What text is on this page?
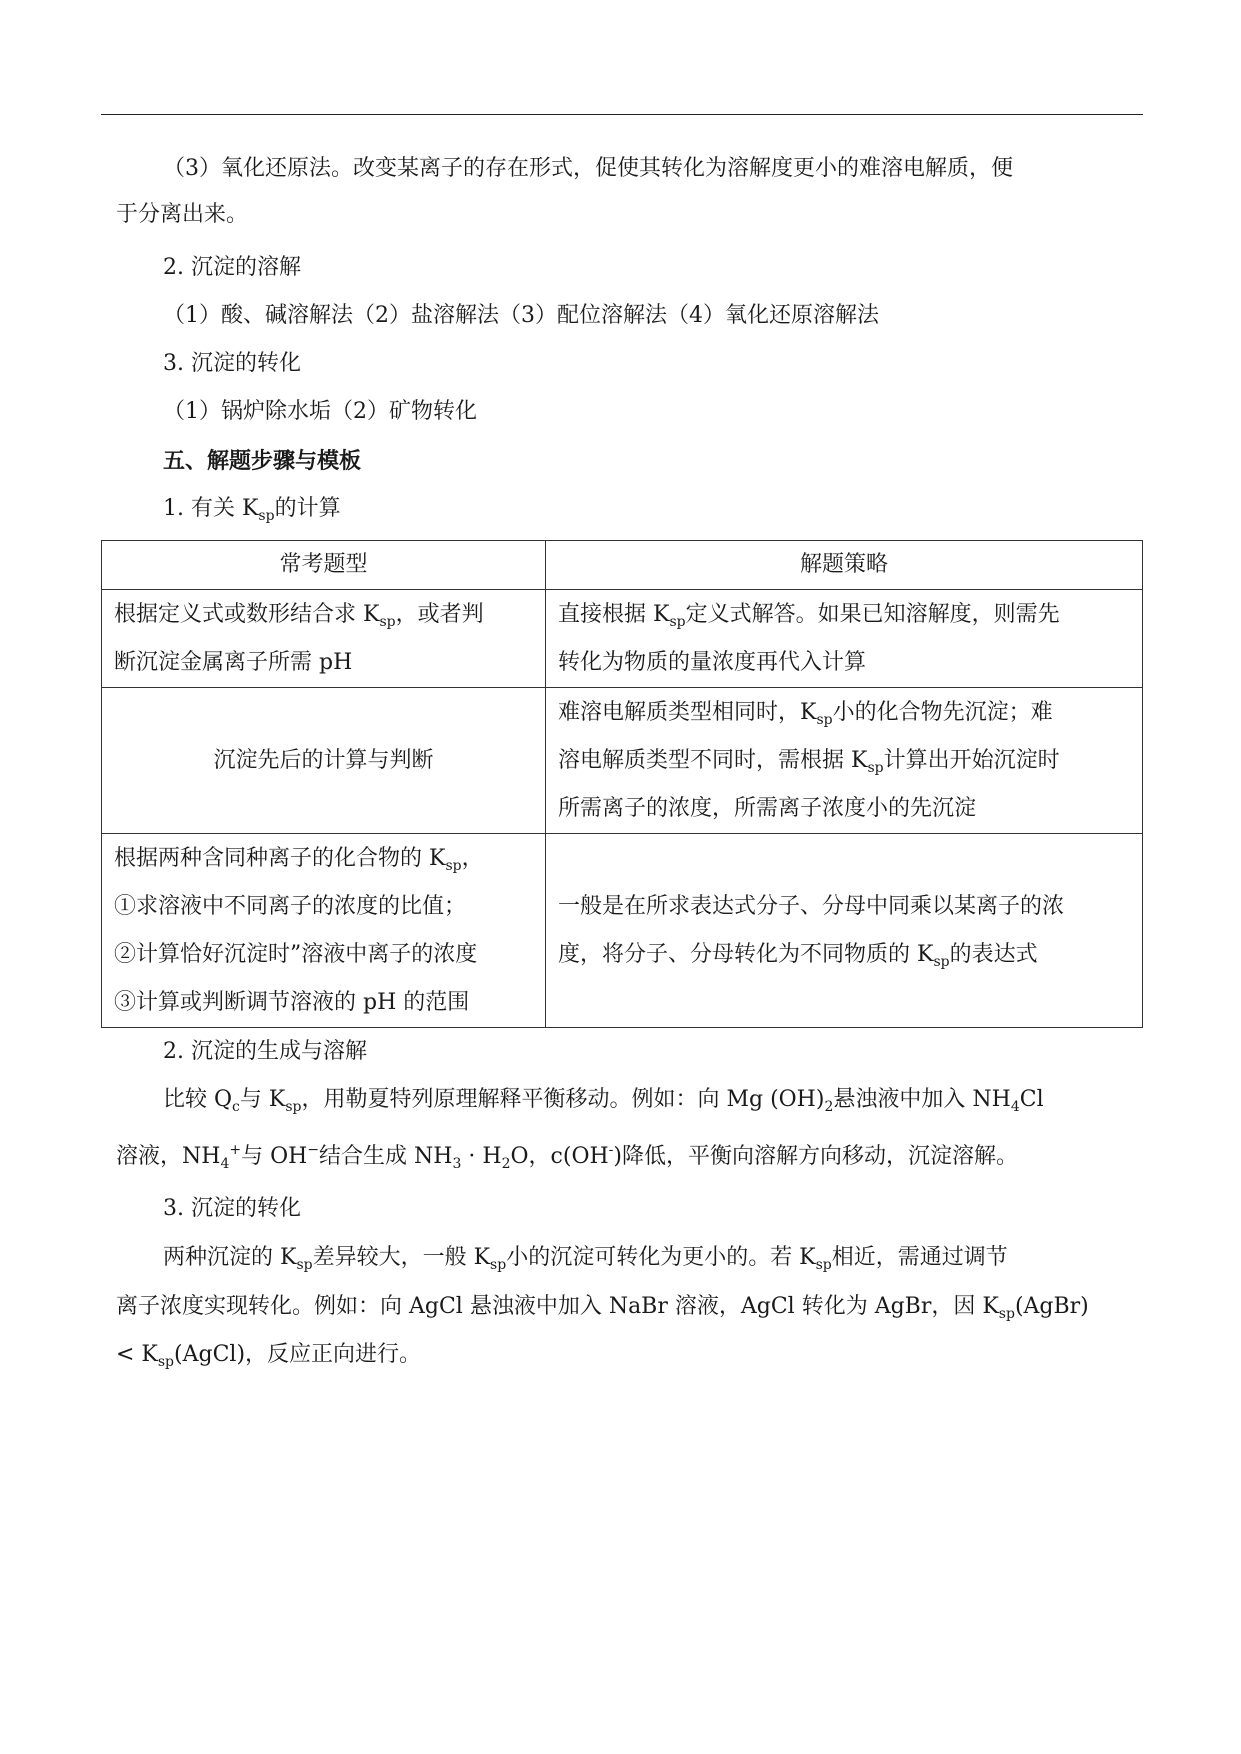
（3）氧化还原法。改变某离子的存在形式，促使其转化为溶解度更小的难溶电解质，便
于分离出来。
2. 沉淀的溶解
（1）酸、碱溶解法（2）盐溶解法（3）配位溶解法（4）氧化还原溶解法
3. 沉淀的转化
（1）锅炉除水垢（2）矿物转化
五、解题步骤与模板
1. 有关 $K_{sp}$的计算
常考题型	解题策略

根据定义式或数形结合求 $K_{sp}$，或者判
断沉淀金属离子所需 pH	直接根据 $K_{sp}$定义式解答。如果已知溶解度，则需先
转化为物质的量浓度再代入计算

沉淀先后的计算与判断	难溶电解质类型相同时，$K_{sp}$小的化合物先沉淀；难
溶电解质类型不同时，需根据 $K_{sp}$计算出开始沉淀时
所需离子的浓度，所需离子浓度小的先沉淀

根据两种含同种离子的化合物的 $K_{sp}$，
①求溶液中不同离子的浓度的比值；
②计算恰好沉淀时”溶液中离子的浓度
③计算或判断调节溶液的 pH 的范围	一般是在所求表达式分子、分母中同乘以某离子的浓
度，将分子、分母转化为不同物质的 $K_{sp}$的表达式
2. 沉淀的生成与溶解
比较 $Q_c$与 $K_{sp}$，用勒夏特列原理解释平衡移动。例如：向 Mg $(OH)_2$悬浊液中加入 $NH_4Cl$
溶液，$NH_4^+$与 OH−结合生成 $NH_3 \cdot H_2O$，c(OH-)降低，平衡向溶解方向移动，沉淀溶解。
3. 沉淀的转化
两种沉淀的 $K_{sp}$差异较大，一般 $K_{sp}$小的沉淀可转化为更小的。若 $K_{sp}$相近，需通过调节
离子浓度实现转化。例如：向 AgCl 悬浊液中加入 NaBr 溶液，AgCl 转化为 AgBr，因 $K_{sp}(AgBr)$
< $K_{sp}(AgCl)$，反应正向进行。
